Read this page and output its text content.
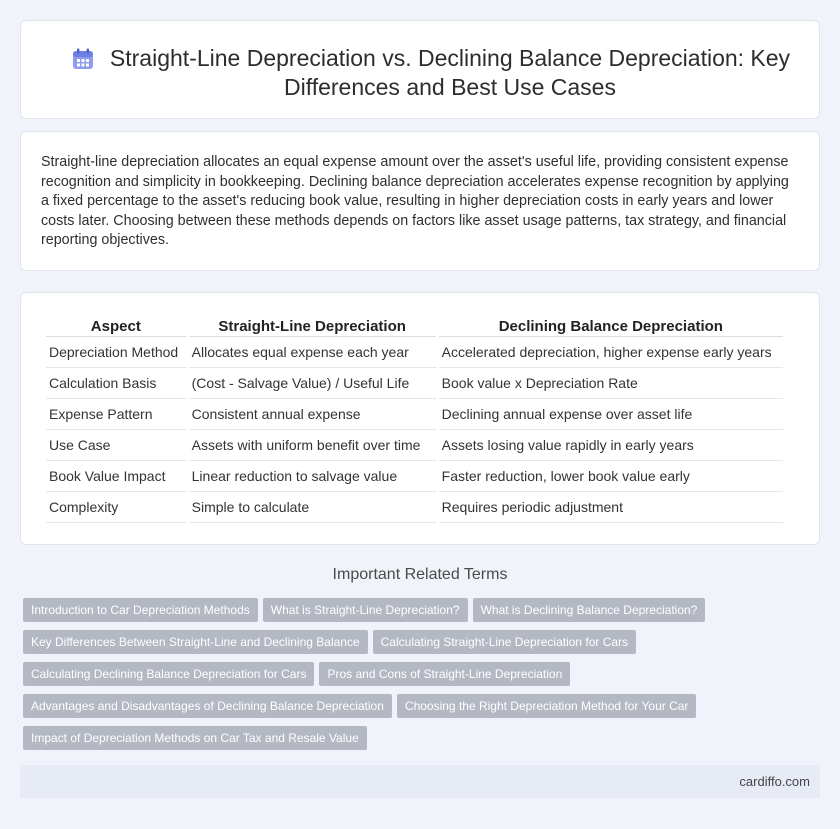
Straight-Line Depreciation vs. Declining Balance Depreciation: Key Differences and Best Use Cases

Straight-line depreciation allocates an equal expense amount over the asset's useful life, providing consistent expense recognition and simplicity in bookkeeping. Declining balance depreciation accelerates expense recognition by applying a fixed percentage to the asset's reducing book value, resulting in higher depreciation costs in early years and lower costs later. Choosing between these methods depends on factors like asset usage patterns, tax strategy, and financial reporting objectives.

Aspect	Straight-Line Depreciation	Declining Balance Depreciation
Depreciation Method	Allocates equal expense each year	Accelerated depreciation, higher expense early years
Calculation Basis	(Cost - Salvage Value) / Useful Life	Book value x Depreciation Rate
Expense Pattern	Consistent annual expense	Declining annual expense over asset life
Use Case	Assets with uniform benefit over time	Assets losing value rapidly in early years
Book Value Impact	Linear reduction to salvage value	Faster reduction, lower book value early
Complexity	Simple to calculate	Requires periodic adjustment
Important Related Terms
Introduction to Car Depreciation Methods What is Straight-Line Depreciation? What is Declining Balance Depreciation?
Key Differences Between Straight-Line and Declining Balance Calculating Straight-Line Depreciation for Cars
Calculating Declining Balance Depreciation for Cars Pros and Cons of Straight-Line Depreciation
Advantages and Disadvantages of Declining Balance Depreciation Choosing the Right Depreciation Method for Your Car
Impact of Depreciation Methods on Car Tax and Resale Value
cardiffo.com
